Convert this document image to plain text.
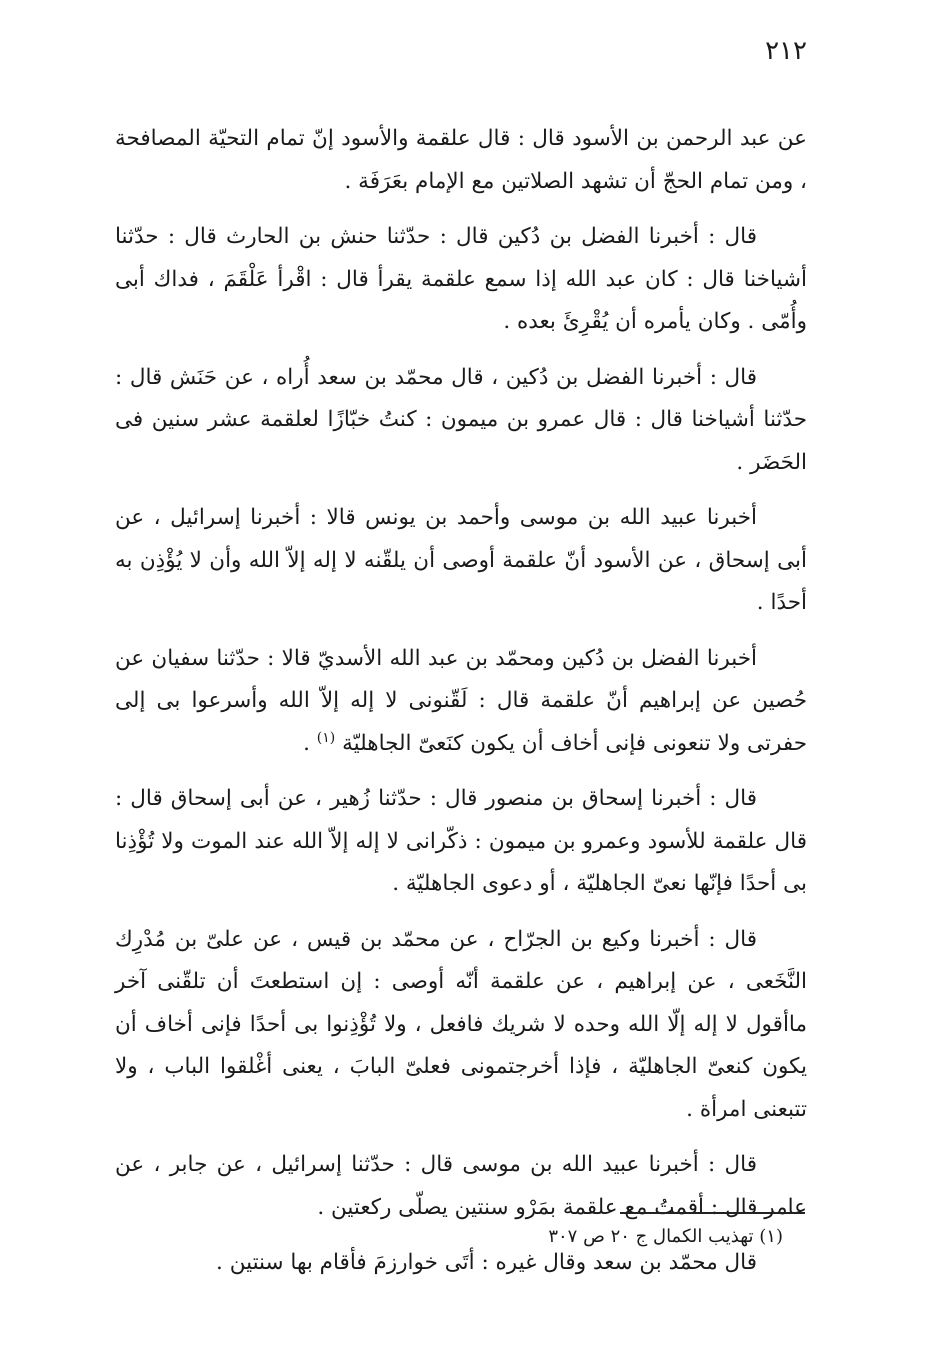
٢١٢

عن عبد الرحمن بن الأسود قال : قال علقمة والأسود إنّ تمام التحيّة المصافحة ، ومن تمام الحجّ أن تشهد الصلاتين مع الإمام بعَرَفَة .

قال : أخبرنا الفضل بن دُكين قال : حدّثنا حنش بن الحارث قال : حدّثنا أشياخنا قال : كان عبد الله إذا سمع علقمة يقرأ قال : اقْرأ عَلْقَمَ ، فداك أبى وأُمّى . وكان يأمره أن يُقْرِئَ بعده .

قال : أخبرنا الفضل بن دُكين ، قال محمّد بن سعد أُراه ، عن حَنَش قال : حدّثنا أشياخنا قال : قال عمرو بن ميمون : كنتُ خبّازًا لعلقمة عشر سنين فى الحَضَر .

أخبرنا عبيد الله بن موسى وأحمد بن يونس قالا : أخبرنا إسرائيل ، عن أبى إسحاق ، عن الأسود أنّ علقمة أوصى أن يلقّنه لا إله إلاّ الله وأن لا يُؤْذِن به أحدًا .

أخبرنا الفضل بن دُكين ومحمّد بن عبد الله الأسديّ قالا : حدّثنا سفيان عن حُصين عن إبراهيم أنّ علقمة قال : لَقّنونى لا إله إلاّ الله وأسرعوا بى إلى حفرتى ولا تنعونى فإنى أخاف أن يكون كنَعىّ الجاهليّة $^{(١)}$ .

قال : أخبرنا إسحاق بن منصور قال : حدّثنا زُهير ، عن أبى إسحاق قال : قال علقمة للأسود وعمرو بن ميمون : ذكّرانى لا إله إلاّ الله عند الموت ولا تُؤْذِنا بى أحدًا فإنّها نعىّ الجاهليّة ، أو دعوى الجاهليّة .

قال : أخبرنا وكيع بن الجرّاح ، عن محمّد بن قيس ، عن علىّ بن مُدْرِك النَّخَعى ، عن إبراهيم ، عن علقمة أنّه أوصى : إن استطعتَ أن تلقّنى آخر ماأقول لا إله إلّا الله وحده لا شريك فافعل ، ولا تُؤْذِنوا بى أحدًا فإنى أخاف أن يكون كنعىّ الجاهليّة ، فإذا أخرجتمونى فعلىّ البابَ ، يعنى أغْلقوا الباب ، ولا تتبعنى امرأة .

قال : أخبرنا عبيد الله بن موسى قال : حدّثنا إسرائيل ، عن جابر ، عن عامر قال : أقمتُ مع علقمة بمَرْو سنتين يصلّى ركعتين .

قال محمّد بن سعد وقال غيره : أتَى خوارزمَ فأقام بها سنتين .

(١) تهذيب الكمال ج ٢٠ ص ٣٠٧
